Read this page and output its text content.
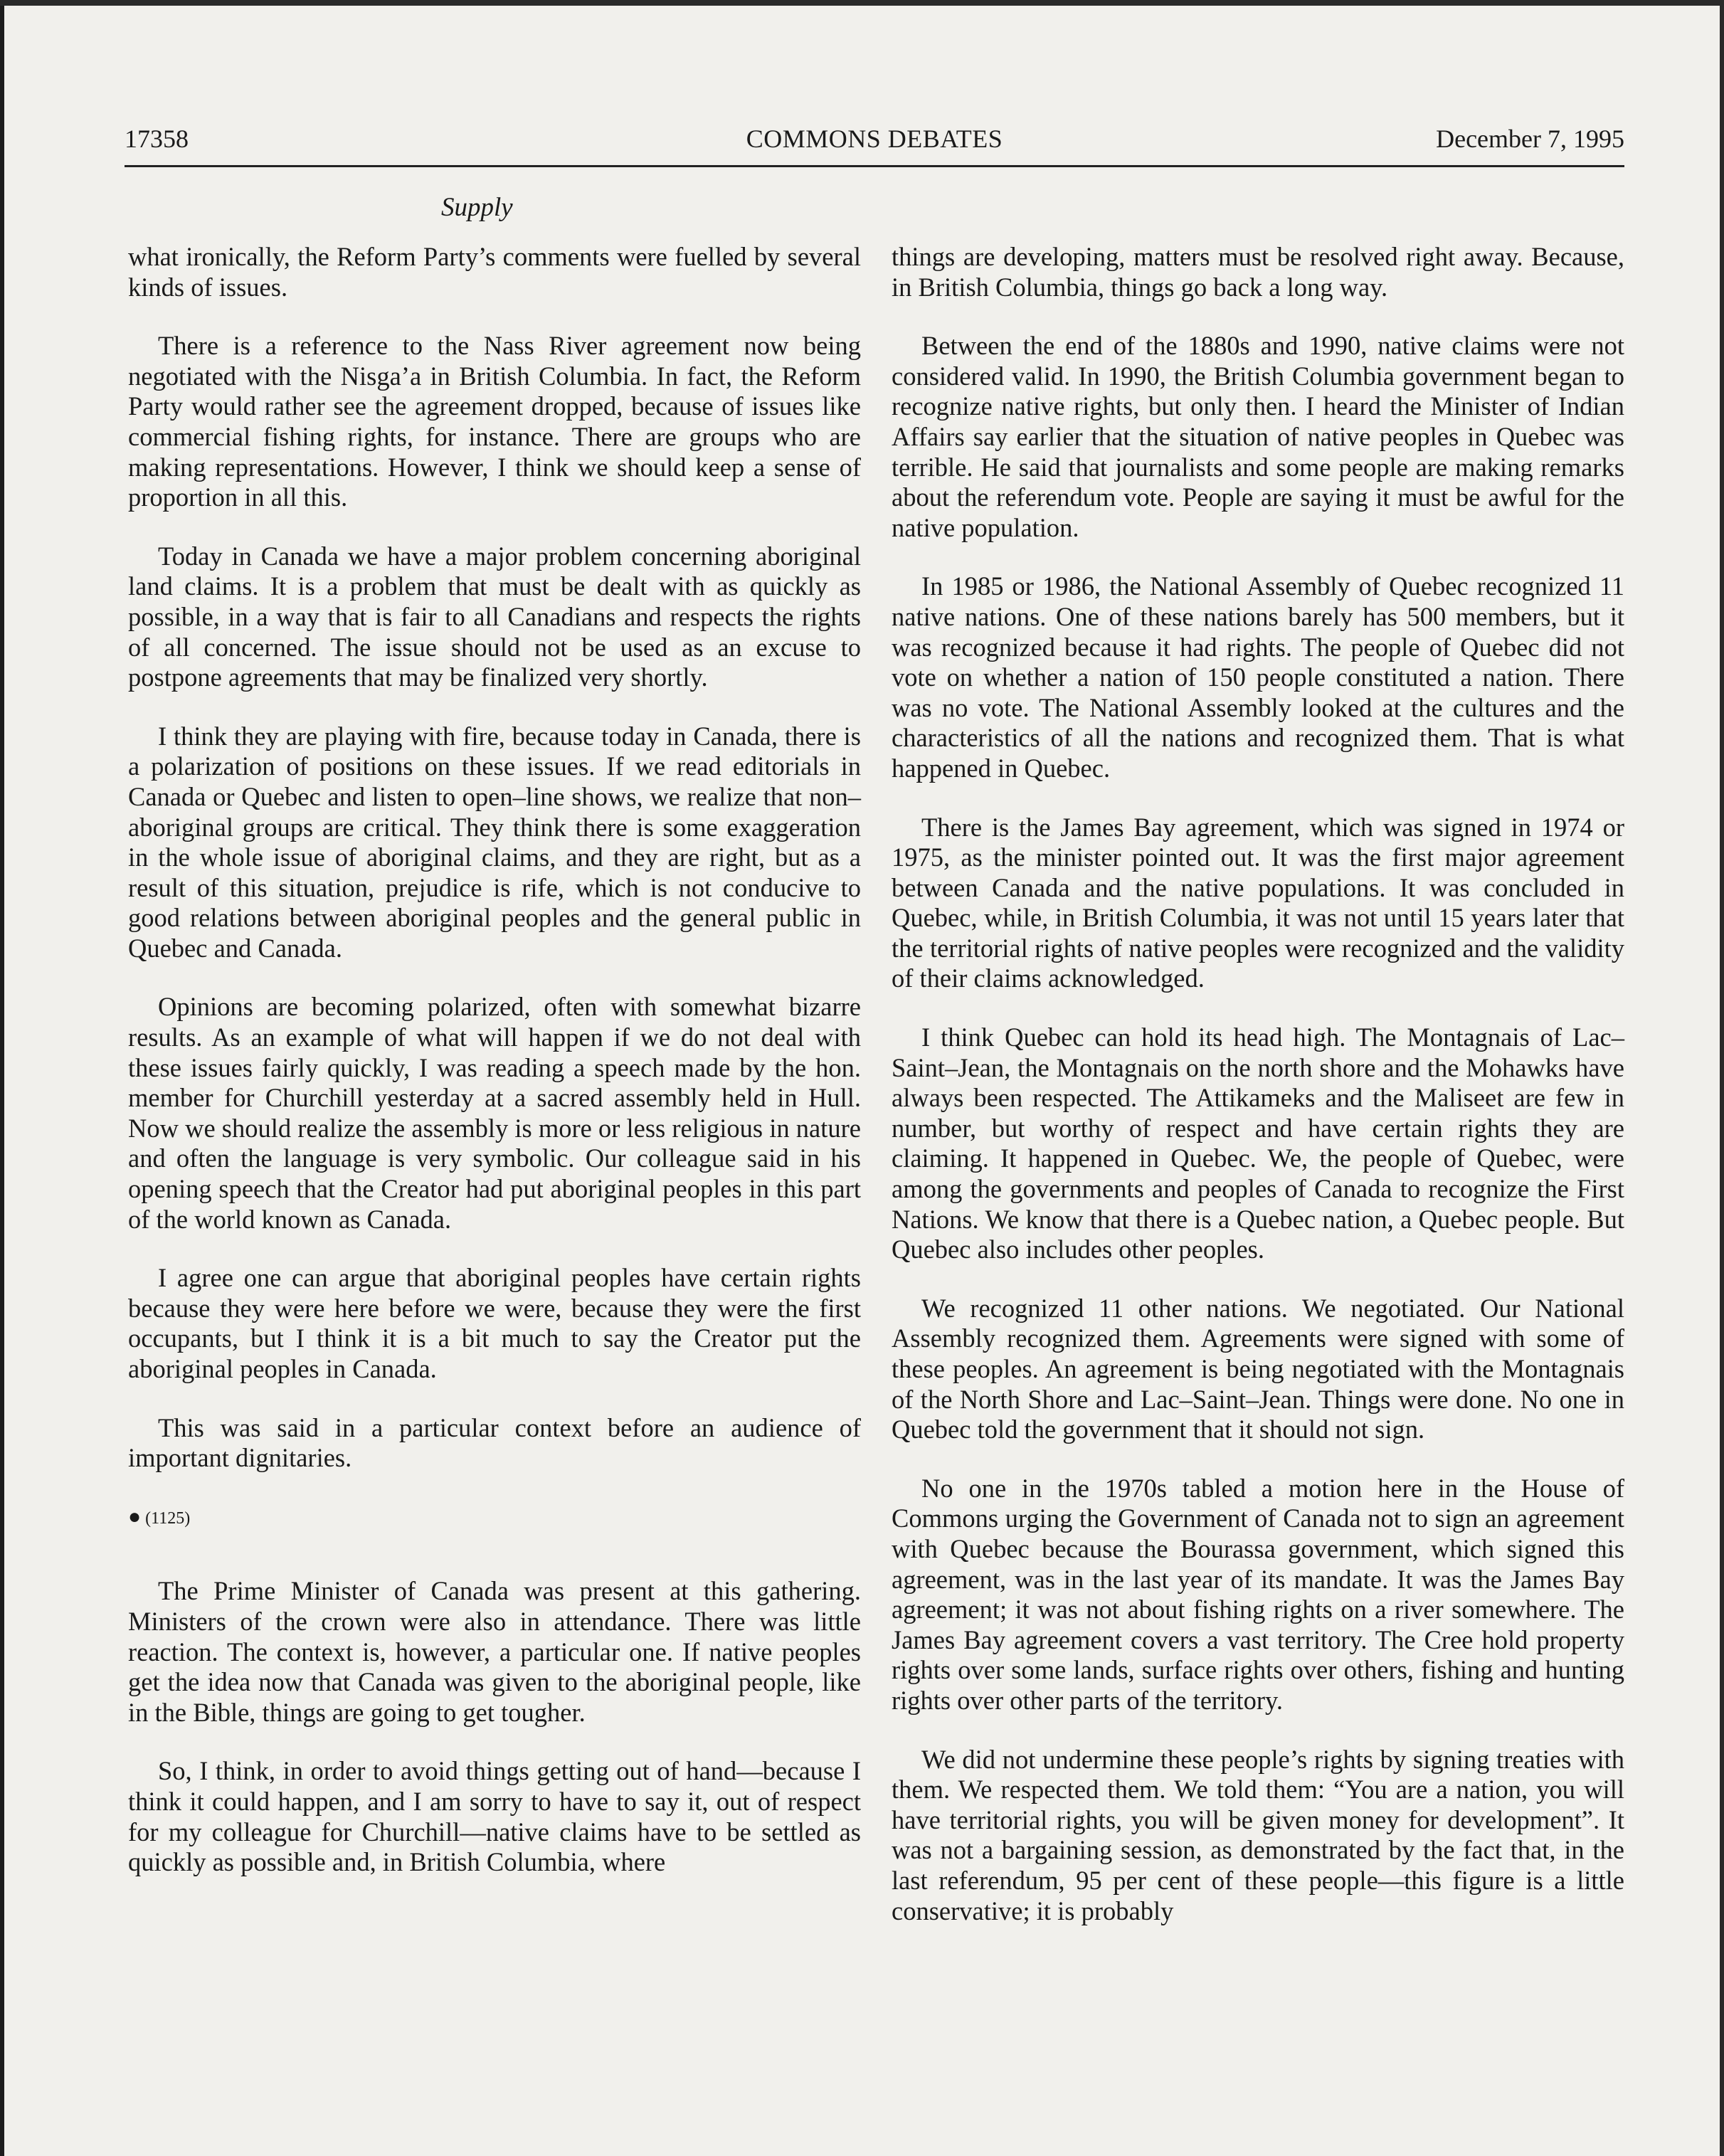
17358	COMMONS DEBATES	December 7, 1995
Supply

what ironically, the Reform Party’s comments were fuelled by several kinds of issues.

There is a reference to the Nass River agreement now being negotiated with the Nisga’a in British Columbia. In fact, the Reform Party would rather see the agreement dropped, because of issues like commercial fishing rights, for instance. There are groups who are making representations. However, I think we should keep a sense of proportion in all this.

Today in Canada we have a major problem concerning aboriginal land claims. It is a problem that must be dealt with as quickly as possible, in a way that is fair to all Canadians and respects the rights of all concerned. The issue should not be used as an excuse to postpone agreements that may be finalized very shortly.

I think they are playing with fire, because today in Canada, there is a polarization of positions on these issues. If we read editorials in Canada or Quebec and listen to open–line shows, we realize that non–aboriginal groups are critical. They think there is some exaggeration in the whole issue of aboriginal claims, and they are right, but as a result of this situation, prejudice is rife, which is not conducive to good relations between aboriginal peoples and the general public in Quebec and Canada.

Opinions are becoming polarized, often with somewhat bizarre results. As an example of what will happen if we do not deal with these issues fairly quickly, I was reading a speech made by the hon. member for Churchill yesterday at a sacred assembly held in Hull. Now we should realize the assembly is more or less religious in nature and often the language is very symbolic. Our colleague said in his opening speech that the Creator had put aboriginal peoples in this part of the world known as Canada.

I agree one can argue that aboriginal peoples have certain rights because they were here before we were, because they were the first occupants, but I think it is a bit much to say the Creator put the aboriginal peoples in Canada.

This was said in a particular context before an audience of important dignitaries.

● (1125)

The Prime Minister of Canada was present at this gathering. Ministers of the crown were also in attendance. There was little reaction. The context is, however, a particular one. If native peoples get the idea now that Canada was given to the aboriginal people, like in the Bible, things are going to get tougher.

So, I think, in order to avoid things getting out of hand—because I think it could happen, and I am sorry to have to say it, out of respect for my colleague for Churchill—native claims have to be settled as quickly as possible and, in British Columbia, where

things are developing, matters must be resolved right away. Because, in British Columbia, things go back a long way.

Between the end of the 1880s and 1990, native claims were not considered valid. In 1990, the British Columbia government began to recognize native rights, but only then. I heard the Minister of Indian Affairs say earlier that the situation of native peoples in Quebec was terrible. He said that journalists and some people are making remarks about the referendum vote. People are saying it must be awful for the native population.

In 1985 or 1986, the National Assembly of Quebec recognized 11 native nations. One of these nations barely has 500 members, but it was recognized because it had rights. The people of Quebec did not vote on whether a nation of 150 people constituted a nation. There was no vote. The National Assembly looked at the cultures and the characteristics of all the nations and recognized them. That is what happened in Quebec.

There is the James Bay agreement, which was signed in 1974 or 1975, as the minister pointed out. It was the first major agreement between Canada and the native populations. It was concluded in Quebec, while, in British Columbia, it was not until 15 years later that the territorial rights of native peoples were recognized and the validity of their claims acknowledged.

I think Quebec can hold its head high. The Montagnais of Lac–Saint–Jean, the Montagnais on the north shore and the Mohawks have always been respected. The Attikameks and the Maliseet are few in number, but worthy of respect and have certain rights they are claiming. It happened in Quebec. We, the people of Quebec, were among the governments and peoples of Canada to recognize the First Nations. We know that there is a Quebec nation, a Quebec people. But Quebec also includes other peoples.

We recognized 11 other nations. We negotiated. Our National Assembly recognized them. Agreements were signed with some of these peoples. An agreement is being negotiated with the Montagnais of the North Shore and Lac–Saint–Jean. Things were done. No one in Quebec told the government that it should not sign.

No one in the 1970s tabled a motion here in the House of Commons urging the Government of Canada not to sign an agreement with Quebec because the Bourassa government, which signed this agreement, was in the last year of its mandate. It was the James Bay agreement; it was not about fishing rights on a river somewhere. The James Bay agreement covers a vast territory. The Cree hold property rights over some lands, surface rights over others, fishing and hunting rights over other parts of the territory.

We did not undermine these people’s rights by signing treaties with them. We respected them. We told them: “You are a nation, you will have territorial rights, you will be given money for development”. It was not a bargaining session, as demonstrated by the fact that, in the last referendum, 95 per cent of these people—this figure is a little conservative; it is probably
